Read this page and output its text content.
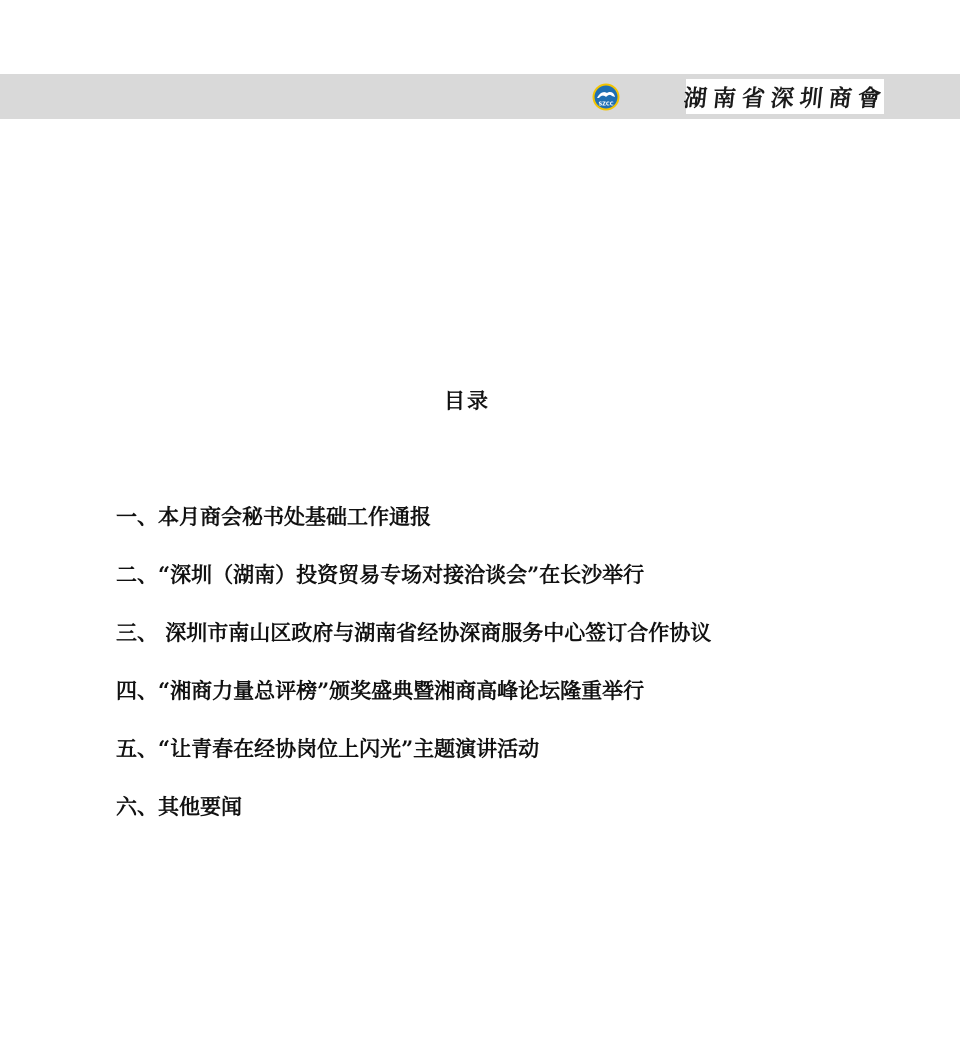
SZCC	湖南省深圳商會
目录
一、本月商会秘书处基础工作通报
二、“深圳（湖南）投资贸易专场对接洽谈会”在长沙举行
三、 深圳市南山区政府与湖南省经协深商服务中心签订合作协议
四、“湘商力量总评榜”颁奖盛典暨湘商高峰论坛隆重举行
五、“让青春在经协岗位上闪光”主题演讲活动
六、其他要闻
